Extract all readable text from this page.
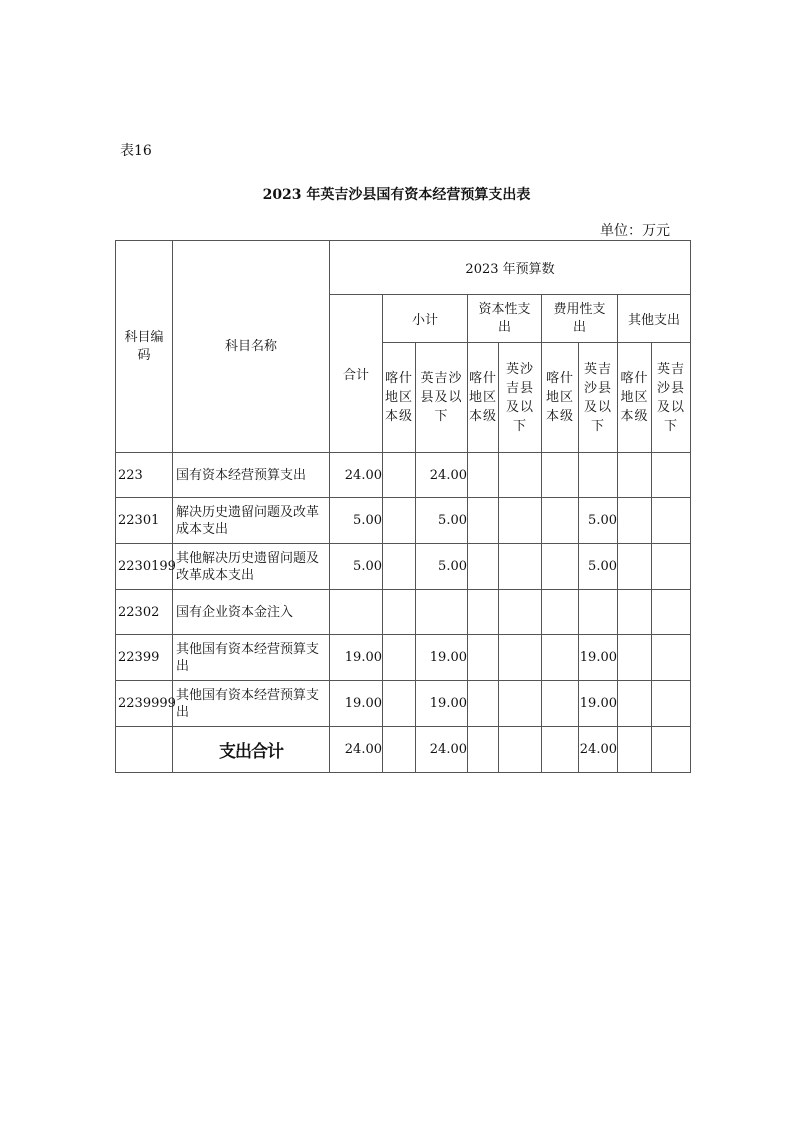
表16
2023 年英吉沙县国有资本经营预算支出表
单位：万元
科目编码	科目名称	2023 年预算数								
		合计	小计		资本性支出		费用性支出		其他支出	
			喀什地区本级	英吉沙县及以下	喀什地区本级	英沙吉县及以下	喀什地区本级	英吉沙县及以下	喀什地区本级	英吉沙县及以下
223	国有资本经营预算支出	24.00		24.00						
22301	解决历史遗留问题及改革成本支出	5.00		5.00				5.00		
2230199	其他解决历史遗留问题及改革成本支出	5.00		5.00				5.00		
22302	国有企业资本金注入									
22399	其他国有资本经营预算支出	19.00		19.00				19.00		
2239999	其他国有资本经营预算支出	19.00		19.00				19.00		
	支出合计	24.00		24.00				24.00		
